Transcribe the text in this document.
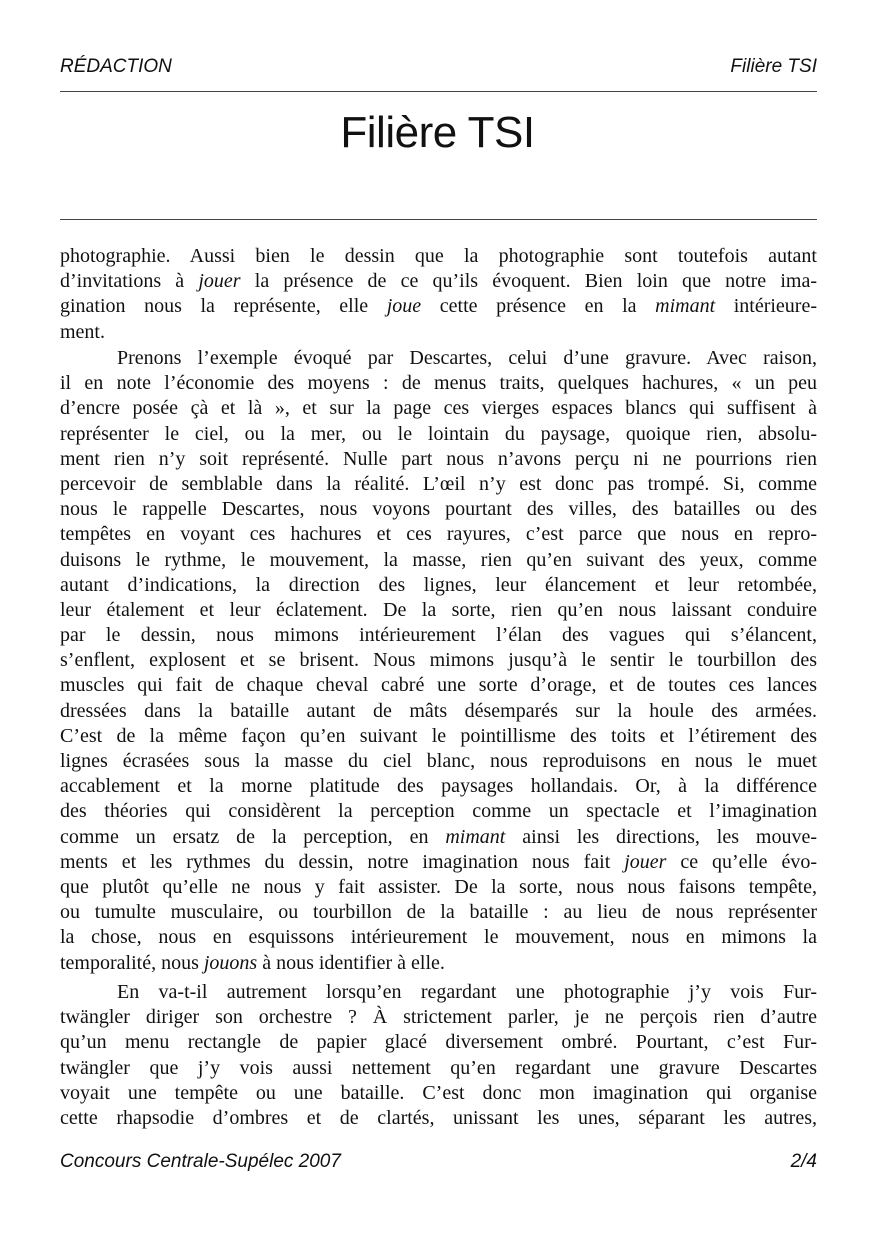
RÉDACTION	Filière TSI
Filière TSI
photographie. Aussi bien le dessin que la photographie sont toutefois autant
d’invitations à jouer la présence de ce qu’ils évoquent. Bien loin que notre ima-
gination nous la représente, elle joue cette présence en la mimant intérieure-
ment.
Prenons l’exemple évoqué par Descartes, celui d’une gravure. Avec raison,
il en note l’économie des moyens : de menus traits, quelques hachures, « un peu
d’encre posée çà et là », et sur la page ces vierges espaces blancs qui suffisent à
représenter le ciel, ou la mer, ou le lointain du paysage, quoique rien, absolu-
ment rien n’y soit représenté. Nulle part nous n’avons perçu ni ne pourrions rien
percevoir de semblable dans la réalité. L’œil n’y est donc pas trompé. Si, comme
nous le rappelle Descartes, nous voyons pourtant des villes, des batailles ou des
tempêtes en voyant ces hachures et ces rayures, c’est parce que nous en repro-
duisons le rythme, le mouvement, la masse, rien qu’en suivant des yeux, comme
autant d’indications, la direction des lignes, leur élancement et leur retombée,
leur étalement et leur éclatement. De la sorte, rien qu’en nous laissant conduire
par le dessin, nous mimons intérieurement l’élan des vagues qui s’élancent,
s’enflent, explosent et se brisent. Nous mimons jusqu’à le sentir le tourbillon des
muscles qui fait de chaque cheval cabré une sorte d’orage, et de toutes ces lances
dressées dans la bataille autant de mâts désemparés sur la houle des armées.
C’est de la même façon qu’en suivant le pointillisme des toits et l’étirement des
lignes écrasées sous la masse du ciel blanc, nous reproduisons en nous le muet
accablement et la morne platitude des paysages hollandais. Or, à la différence
des théories qui considèrent la perception comme un spectacle et l’imagination
comme un ersatz de la perception, en mimant ainsi les directions, les mouve-
ments et les rythmes du dessin, notre imagination nous fait jouer ce qu’elle évo-
que plutôt qu’elle ne nous y fait assister. De la sorte, nous nous faisons tempête,
ou tumulte musculaire, ou tourbillon de la bataille : au lieu de nous représenter
la chose, nous en esquissons intérieurement le mouvement, nous en mimons la
temporalité, nous jouons à nous identifier à elle.
En va-t-il autrement lorsqu’en regardant une photographie j’y vois Fur-
twängler diriger son orchestre ? À strictement parler, je ne perçois rien d’autre
qu’un menu rectangle de papier glacé diversement ombré. Pourtant, c’est Fur-
twängler que j’y vois aussi nettement qu’en regardant une gravure Descartes
voyait une tempête ou une bataille. C’est donc mon imagination qui organise
cette rhapsodie d’ombres et de clartés, unissant les unes, séparant les autres,
Concours Centrale-Supélec 2007	2/4
